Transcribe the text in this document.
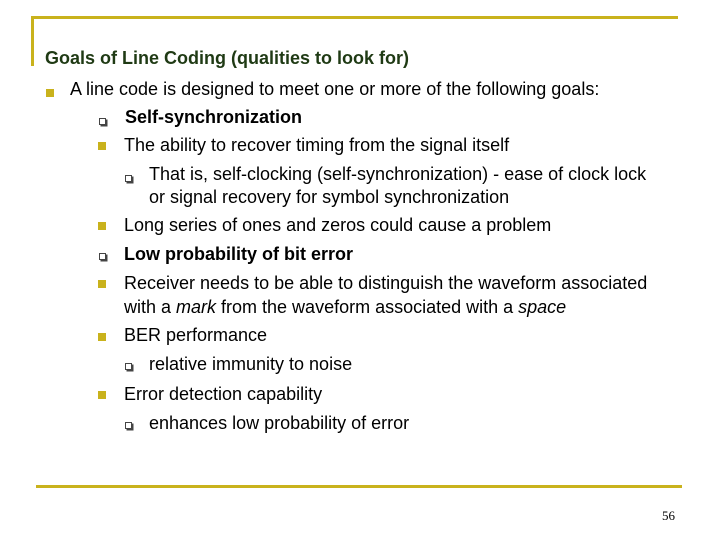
Goals of Line Coding (qualities to look for)
A line code is designed to meet one or more of the following goals:
Self-synchronization
The ability to recover timing from the signal itself
That is, self-clocking (self-synchronization) - ease of clock lock
or signal recovery for symbol synchronization
Long series of ones and zeros could cause a problem
Low probability of bit error
Receiver needs to be able to distinguish the waveform associated
with a mark from the waveform associated with a space
BER performance
relative immunity to noise
Error detection capability
enhances low probability of error
56
